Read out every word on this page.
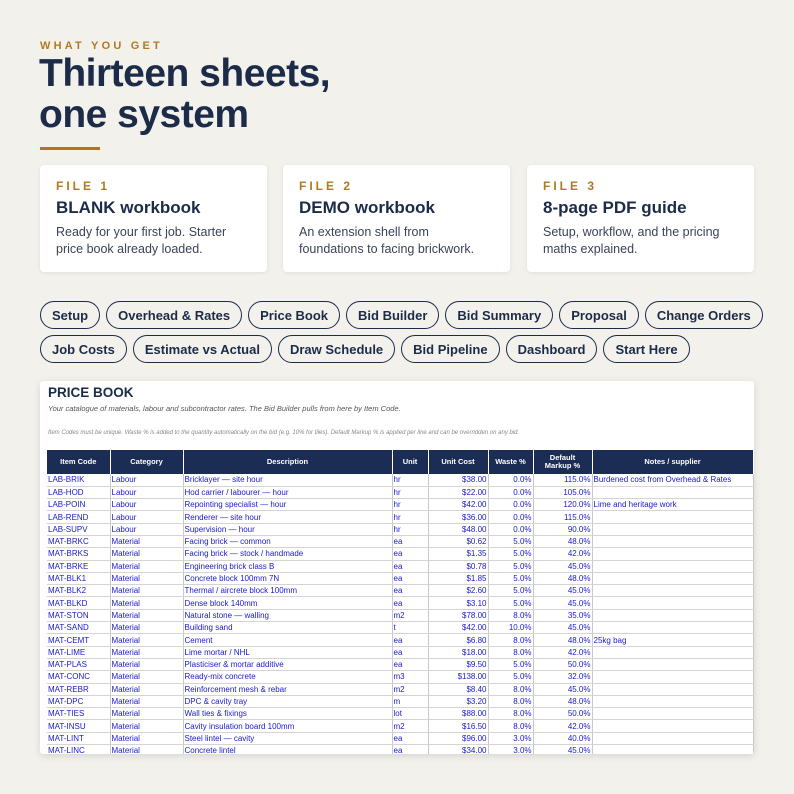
WHAT YOU GET
Thirteen sheets,
one system
FILE 1
BLANK workbook
Ready for your first job. Starter price book already loaded.
FILE 2
DEMO workbook
An extension shell from foundations to facing brickwork.
FILE 3
8-page PDF guide
Setup, workflow, and the pricing maths explained.
Setup	Overhead & Rates	Price Book	Bid Builder	Bid Summary	Proposal	Change Orders
Job Costs	Estimate vs Actual	Draw Schedule	Bid Pipeline	Dashboard	Start Here
PRICE BOOK
Your catalogue of materials, labour and subcontractor rates. The Bid Builder pulls from here by Item Code.
Item Codes must be unique. Waste % is added to the quantity automatically on the bid (e.g. 10% for tiles). Default Markup % is applied per line and can be overridden on any bid.
Item Code	Category	Description	Unit	Unit Cost	Waste %	Default Markup %	Notes / supplier
LAB-BRIK	Labour	Bricklayer — site hour	hr	$38.00	0.0%	115.0%	Burdened cost from Overhead & Rates
LAB-HOD	Labour	Hod carrier / labourer — hour	hr	$22.00	0.0%	105.0%	
LAB-POIN	Labour	Repointing specialist — hour	hr	$42.00	0.0%	120.0%	Lime and heritage work
LAB-REND	Labour	Renderer — site hour	hr	$36.00	0.0%	115.0%	
LAB-SUPV	Labour	Supervision — hour	hr	$48.00	0.0%	90.0%	
MAT-BRKC	Material	Facing brick — common	ea	$0.62	5.0%	48.0%	
MAT-BRKS	Material	Facing brick — stock / handmade	ea	$1.35	5.0%	42.0%	
MAT-BRKE	Material	Engineering brick class B	ea	$0.78	5.0%	45.0%	
MAT-BLK1	Material	Concrete block 100mm 7N	ea	$1.85	5.0%	48.0%	
MAT-BLK2	Material	Thermal / aircrete block 100mm	ea	$2.60	5.0%	45.0%	
MAT-BLKD	Material	Dense block 140mm	ea	$3.10	5.0%	45.0%	
MAT-STON	Material	Natural stone — walling	m2	$78.00	8.0%	35.0%	
MAT-SAND	Material	Building sand	t	$42.00	10.0%	45.0%	
MAT-CEMT	Material	Cement	ea	$6.80	8.0%	48.0%	25kg bag
MAT-LIME	Material	Lime mortar / NHL	ea	$18.00	8.0%	42.0%	
MAT-PLAS	Material	Plasticiser & mortar additive	ea	$9.50	5.0%	50.0%	
MAT-CONC	Material	Ready-mix concrete	m3	$138.00	5.0%	32.0%	
MAT-REBR	Material	Reinforcement mesh & rebar	m2	$8.40	8.0%	45.0%	
MAT-DPC	Material	DPC & cavity tray	m	$3.20	8.0%	48.0%	
MAT-TIES	Material	Wall ties & fixings	lot	$88.00	8.0%	50.0%	
MAT-INSU	Material	Cavity insulation board 100mm	m2	$16.50	8.0%	42.0%	
MAT-LINT	Material	Steel lintel — cavity	ea	$96.00	3.0%	40.0%	
MAT-LINC	Material	Concrete lintel	ea	$34.00	3.0%	45.0%	
